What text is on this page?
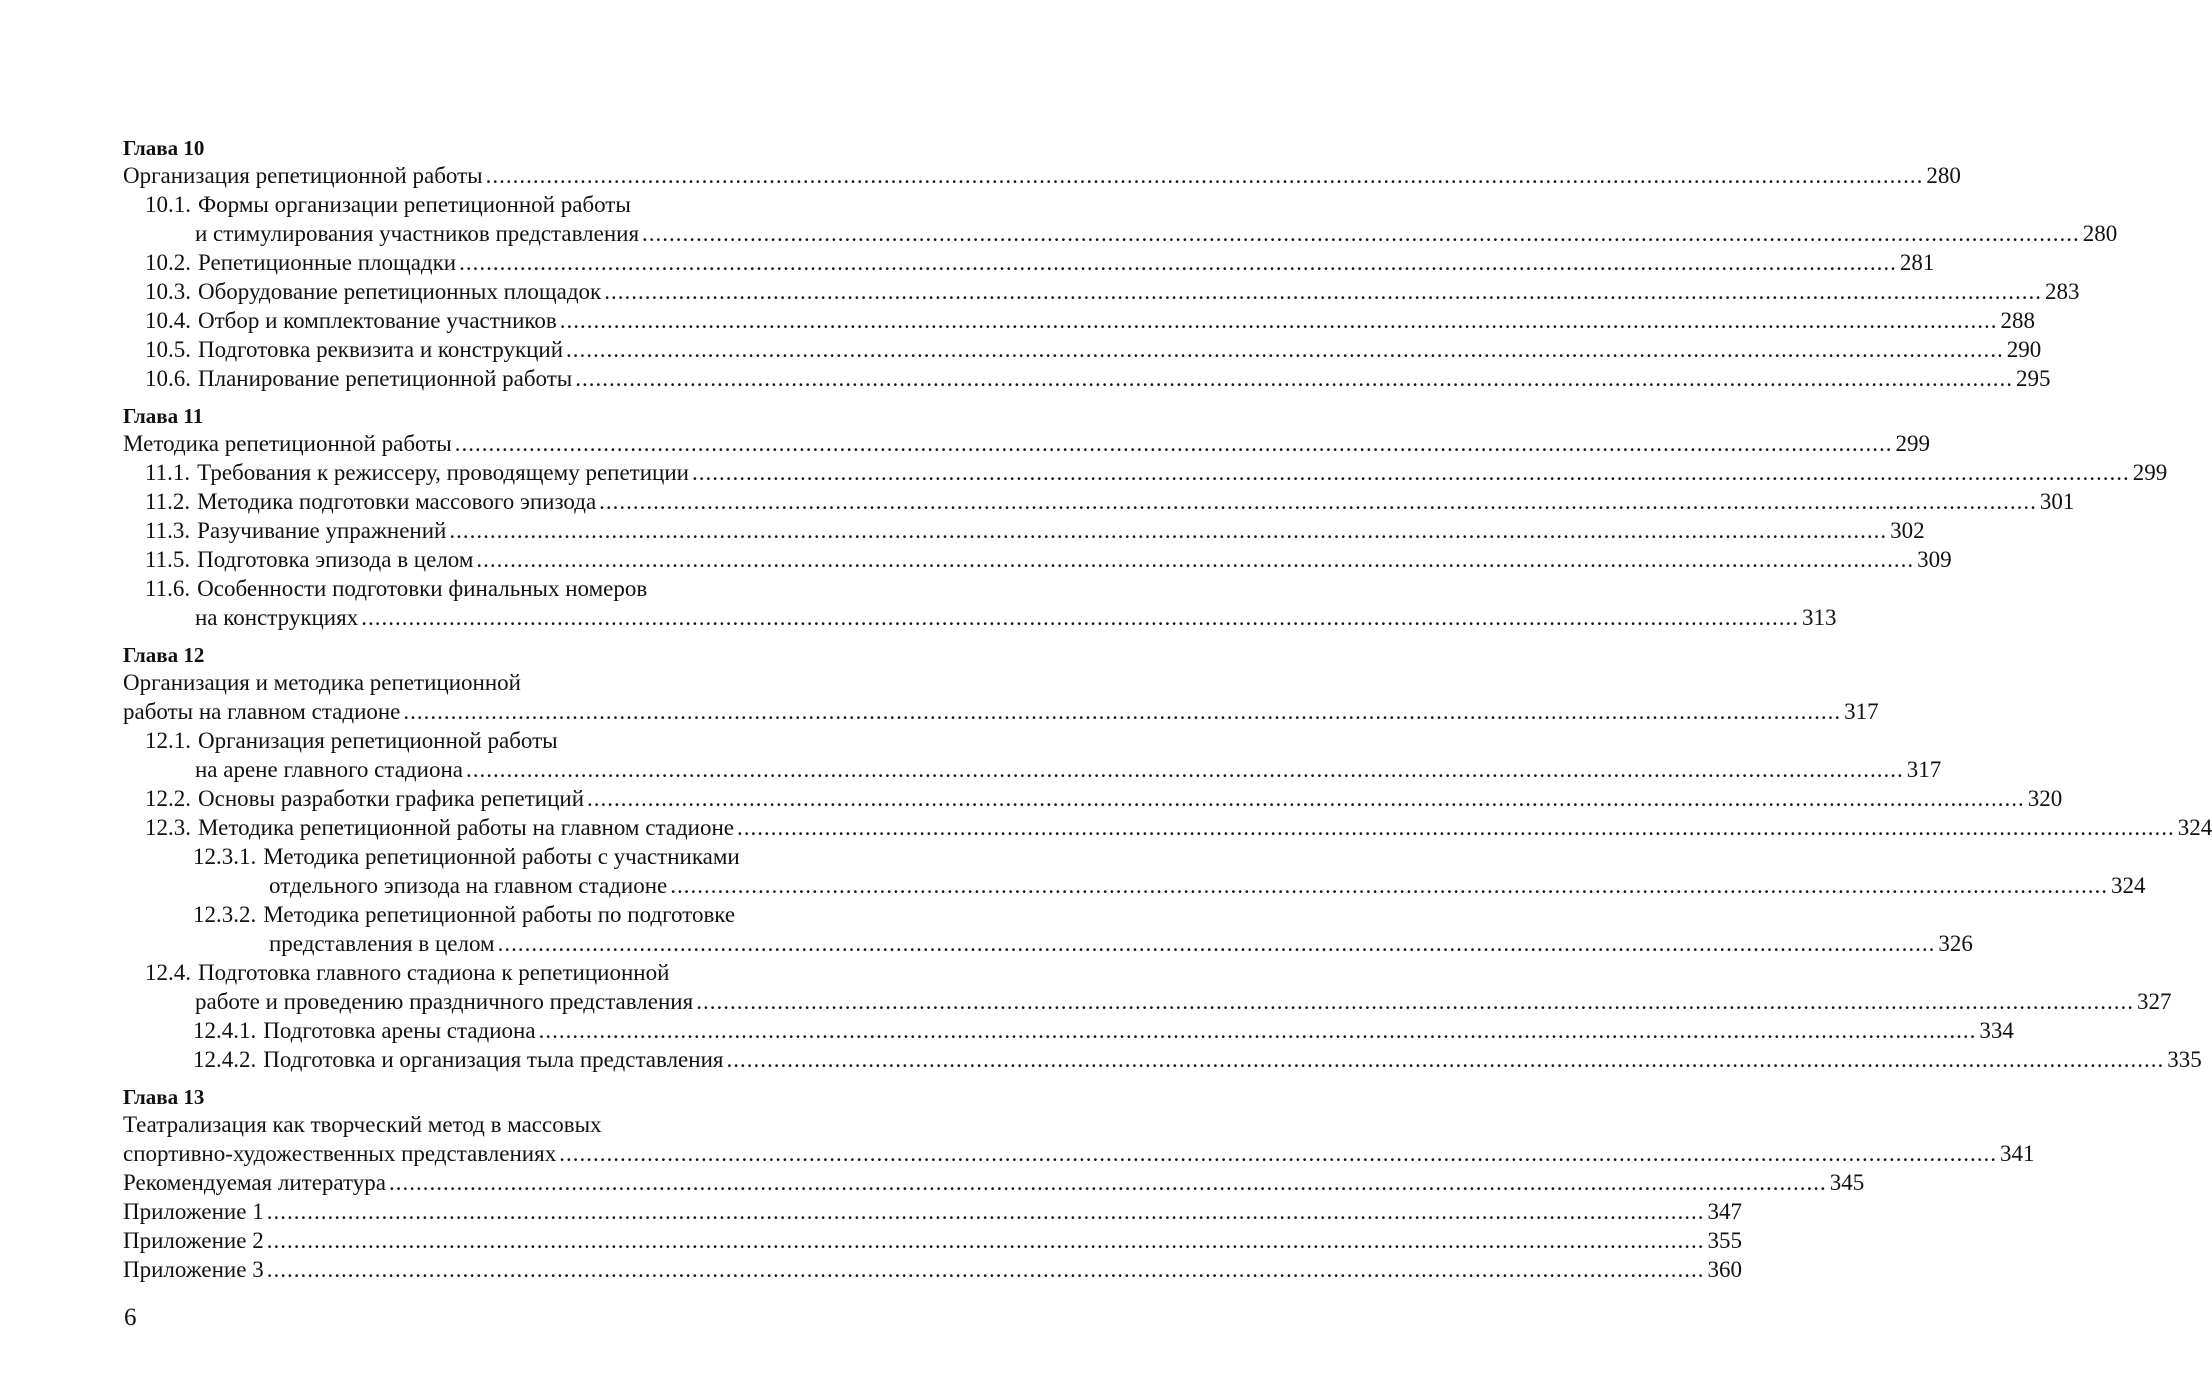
Глава 10
Организация репетиционной работы .....	280
10.1. Формы организации репетиционной работы
и стимулирования участников представления .....	280
10.2. Репетиционные площадки .....	281
10.3. Оборудование репетиционных площадок .....	283
10.4. Отбор и комплектование участников .....	288
10.5. Подготовка реквизита и конструкций .....	290
10.6. Планирование репетиционной работы .....	295
Глава 11
Методика репетиционной работы .....	299
11.1. Требования к режиссеру, проводящему репетиции .....	299
11.2. Методика подготовки массового эпизода .....	301
11.3. Разучивание упражнений .....	302
11.5. Подготовка эпизода в целом .....	309
11.6. Особенности подготовки финальных номеров
на конструкциях .....	313
Глава 12
Организация и методика репетиционной
работы на главном стадионе .....	317
12.1. Организация репетиционной работы
на арене главного стадиона .....	317
12.2. Основы разработки графика репетиций .....	320
12.3. Методика репетиционной работы на главном стадионе .....	324
12.3.1. Методика репетиционной работы с участниками
отдельного эпизода на главном стадионе .....	324
12.3.2. Методика репетиционной работы по подготовке
представления в целом .....	326
12.4. Подготовка главного стадиона к репетиционной
работе и проведению праздничного представления .....	327
12.4.1. Подготовка арены стадиона .....	334
12.4.2. Подготовка и организация тыла представления .....	335
Глава 13
Театрализация как творческий метод в массовых
спортивно-художественных представлениях .....	341
Рекомендуемая литература .....	345
Приложение 1 .....	347
Приложение 2 .....	355
Приложение 3 .....	360
6
